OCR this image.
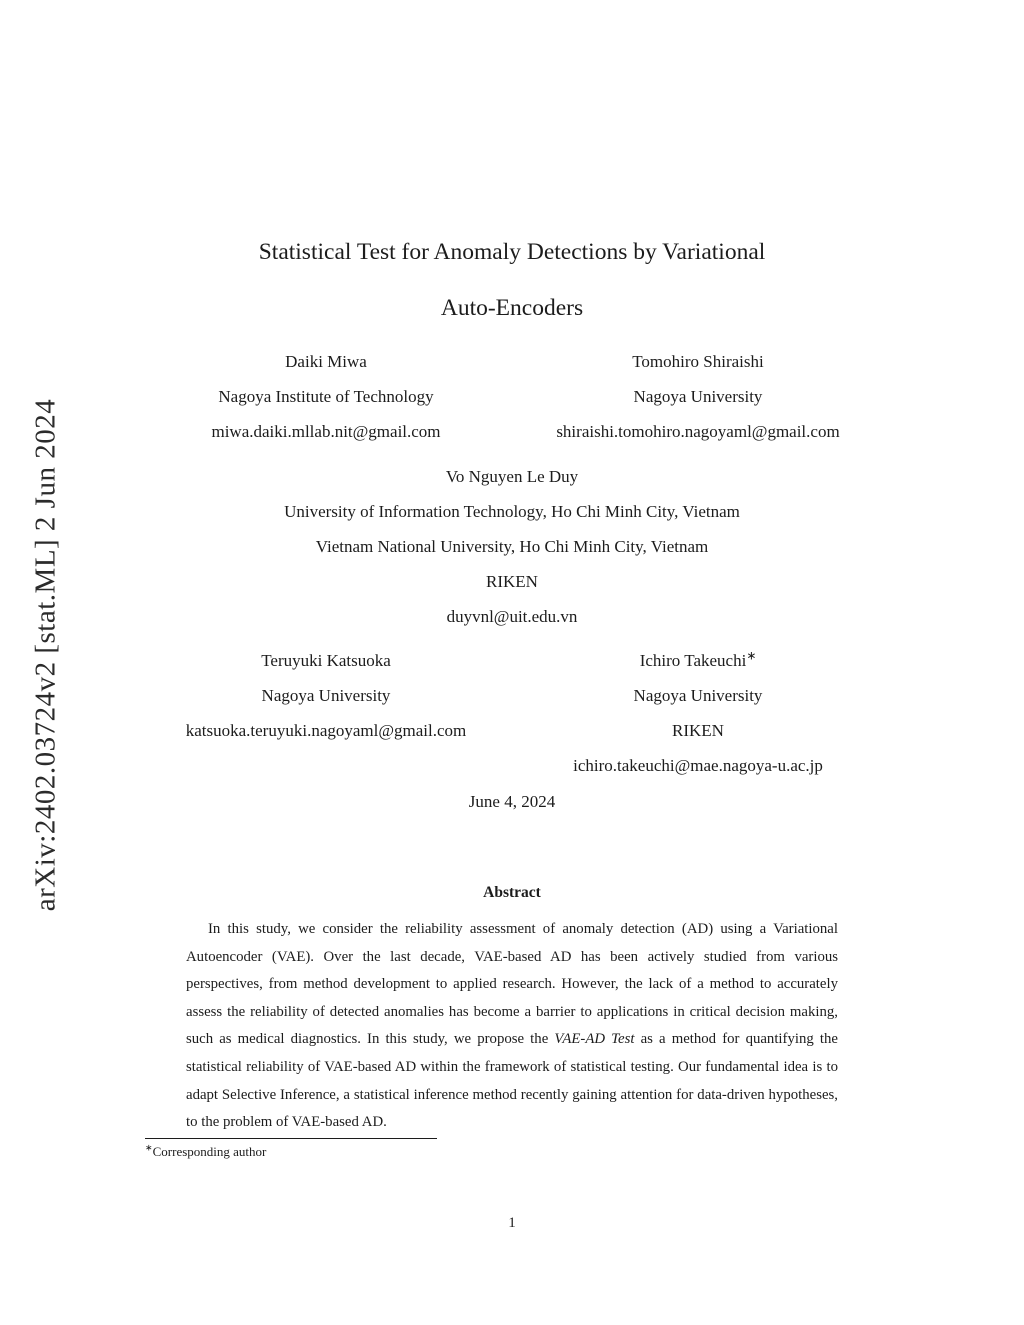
arXiv:2402.03724v2 [stat.ML] 2 Jun 2024
Statistical Test for Anomaly Detections by Variational
Auto-Encoders
Daiki Miwa
Nagoya Institute of Technology
miwa.daiki.mllab.nit@gmail.com
Tomohiro Shiraishi
Nagoya University
shiraishi.tomohiro.nagoyaml@gmail.com
Vo Nguyen Le Duy
University of Information Technology, Ho Chi Minh City, Vietnam
Vietnam National University, Ho Chi Minh City, Vietnam
RIKEN
duyvnl@uit.edu.vn
Teruyuki Katsuoka
Nagoya University
katsuoka.teruyuki.nagoyaml@gmail.com
Ichiro Takeuchi∗
Nagoya University
RIKEN
ichiro.takeuchi@mae.nagoya-u.ac.jp
June 4, 2024
Abstract
In this study, we consider the reliability assessment of anomaly detection (AD) using a Variational Autoencoder (VAE). Over the last decade, VAE-based AD has been actively studied from various perspectives, from method development to applied research. However, the lack of a method to accurately assess the reliability of detected anomalies has become a barrier to applications in critical decision making, such as medical diagnostics. In this study, we propose the VAE-AD Test as a method for quantifying the statistical reliability of VAE-based AD within the framework of statistical testing. Our fundamental idea is to adapt Selective Inference, a statistical inference method recently gaining attention for data-driven hypotheses, to the problem of VAE-based AD.
∗Corresponding author
1
